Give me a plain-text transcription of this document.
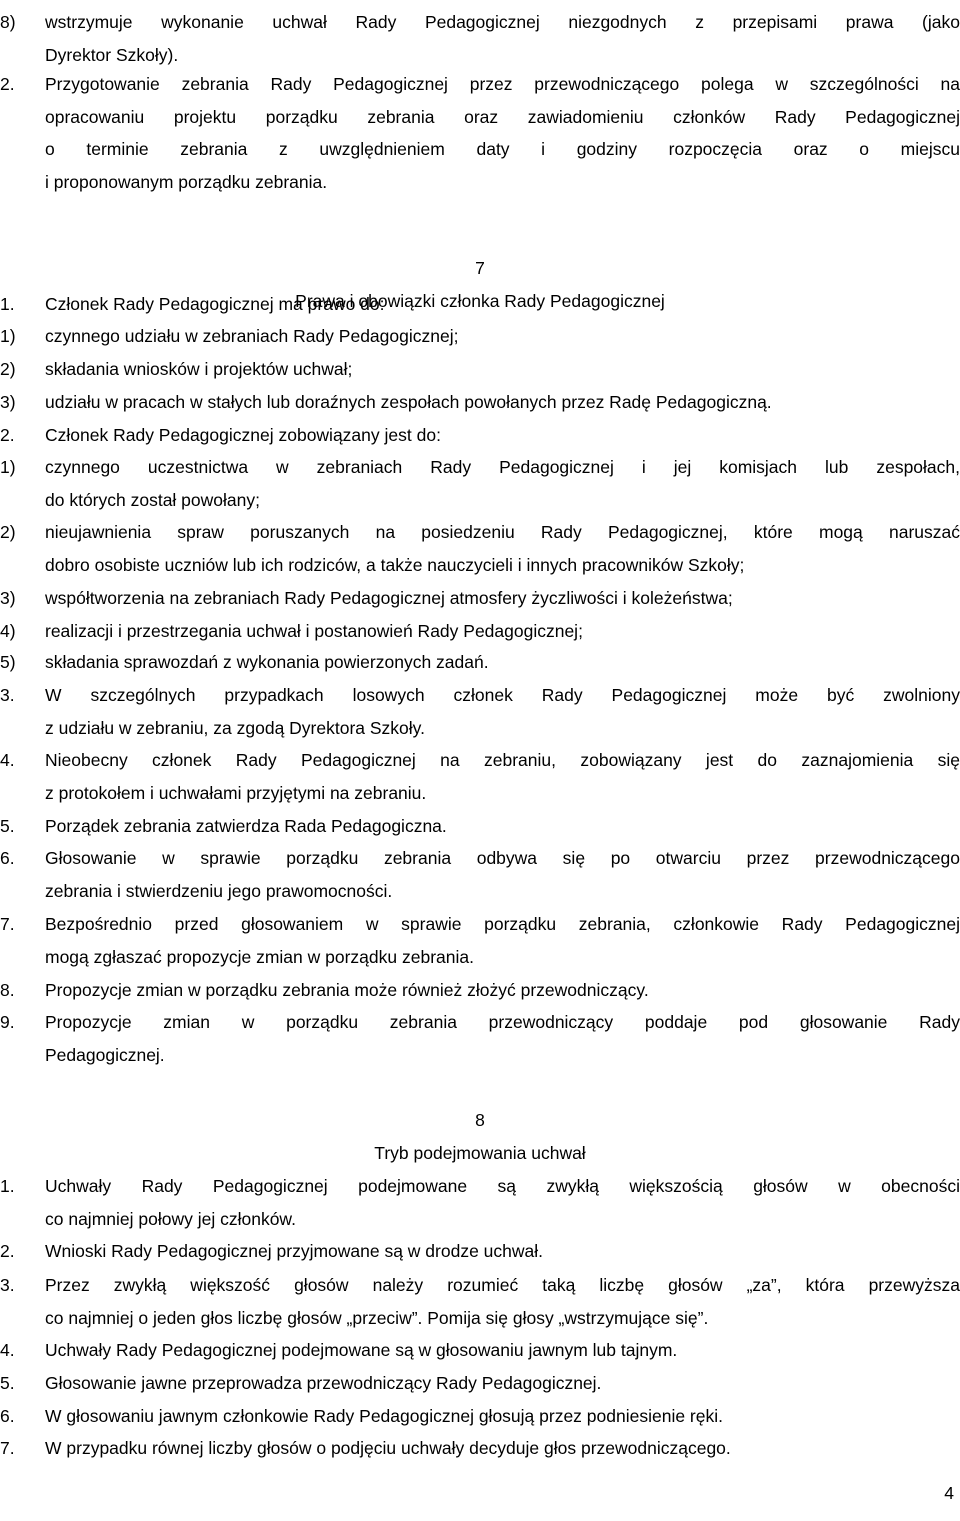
8) wstrzymuje wykonanie uchwał Rady Pedagogicznej niezgodnych z przepisami prawa (jako
Dyrektor Szkoły).
2. Przygotowanie zebrania Rady Pedagogicznej przez przewodniczącego polega w szczególności na
opracowaniu projektu porządku zebrania oraz zawiadomieniu członków Rady Pedagogicznej
o terminie zebrania z uwzględnieniem daty i godziny rozpoczęcia oraz o miejscu
i proponowanym porządku zebrania.
7
Prawa i obowiązki członka Rady Pedagogicznej
1. Członek Rady Pedagogicznej ma prawo do:
1) czynnego udziału w zebraniach Rady Pedagogicznej;
2) składania wniosków i projektów uchwał;
3) udziału w pracach w stałych lub doraźnych zespołach powołanych przez Radę Pedagogiczną.
2. Członek Rady Pedagogicznej zobowiązany jest do:
1) czynnego uczestnictwa w zebraniach Rady Pedagogicznej i jej komisjach lub zespołach,
do których został powołany;
2) nieujawnienia spraw poruszanych na posiedzeniu Rady Pedagogicznej, które mogą naruszać
dobro osobiste uczniów lub ich rodziców, a także nauczycieli i innych pracowników Szkoły;
3) współtworzenia na zebraniach Rady Pedagogicznej atmosfery życzliwości i koleżeństwa;
4) realizacji i przestrzegania uchwał i postanowień Rady Pedagogicznej;
5) składania sprawozdań z wykonania powierzonych zadań.
3. W szczególnych przypadkach losowych członek Rady Pedagogicznej może być zwolniony
z udziału w zebraniu, za zgodą Dyrektora Szkoły.
4. Nieobecny członek Rady Pedagogicznej na zebraniu, zobowiązany jest do zaznajomienia się
z protokołem i uchwałami przyjętymi na zebraniu.
5. Porządek zebrania zatwierdza Rada Pedagogiczna.
6. Głosowanie w sprawie porządku zebrania odbywa się po otwarciu przez przewodniczącego
zebrania i stwierdzeniu jego prawomocności.
7. Bezpośrednio przed głosowaniem w sprawie porządku zebrania, członkowie Rady Pedagogicznej
mogą zgłaszać propozycje zmian w porządku zebrania.
8. Propozycje zmian w porządku zebrania może również złożyć przewodniczący.
9. Propozycje zmian w porządku zebrania przewodniczący poddaje pod głosowanie Rady
Pedagogicznej.
8
Tryb podejmowania uchwał
1. Uchwały Rady Pedagogicznej podejmowane są zwykłą większością głosów w obecności
co najmniej połowy jej członków.
2. Wnioski Rady Pedagogicznej przyjmowane są w drodze uchwał.
3. Przez zwykłą większość głosów należy rozumieć taką liczbę głosów „za”, która przewyższa
co najmniej o jeden głos liczbę głosów „przeciw”. Pomija się głosy „wstrzymujące się”.
4. Uchwały Rady Pedagogicznej podejmowane są w głosowaniu jawnym lub tajnym.
5. Głosowanie jawne przeprowadza przewodniczący Rady Pedagogicznej.
6. W głosowaniu jawnym członkowie Rady Pedagogicznej głosują przez podniesienie ręki.
7. W przypadku równej liczby głosów o podjęciu uchwały decyduje głos przewodniczącego.
4
